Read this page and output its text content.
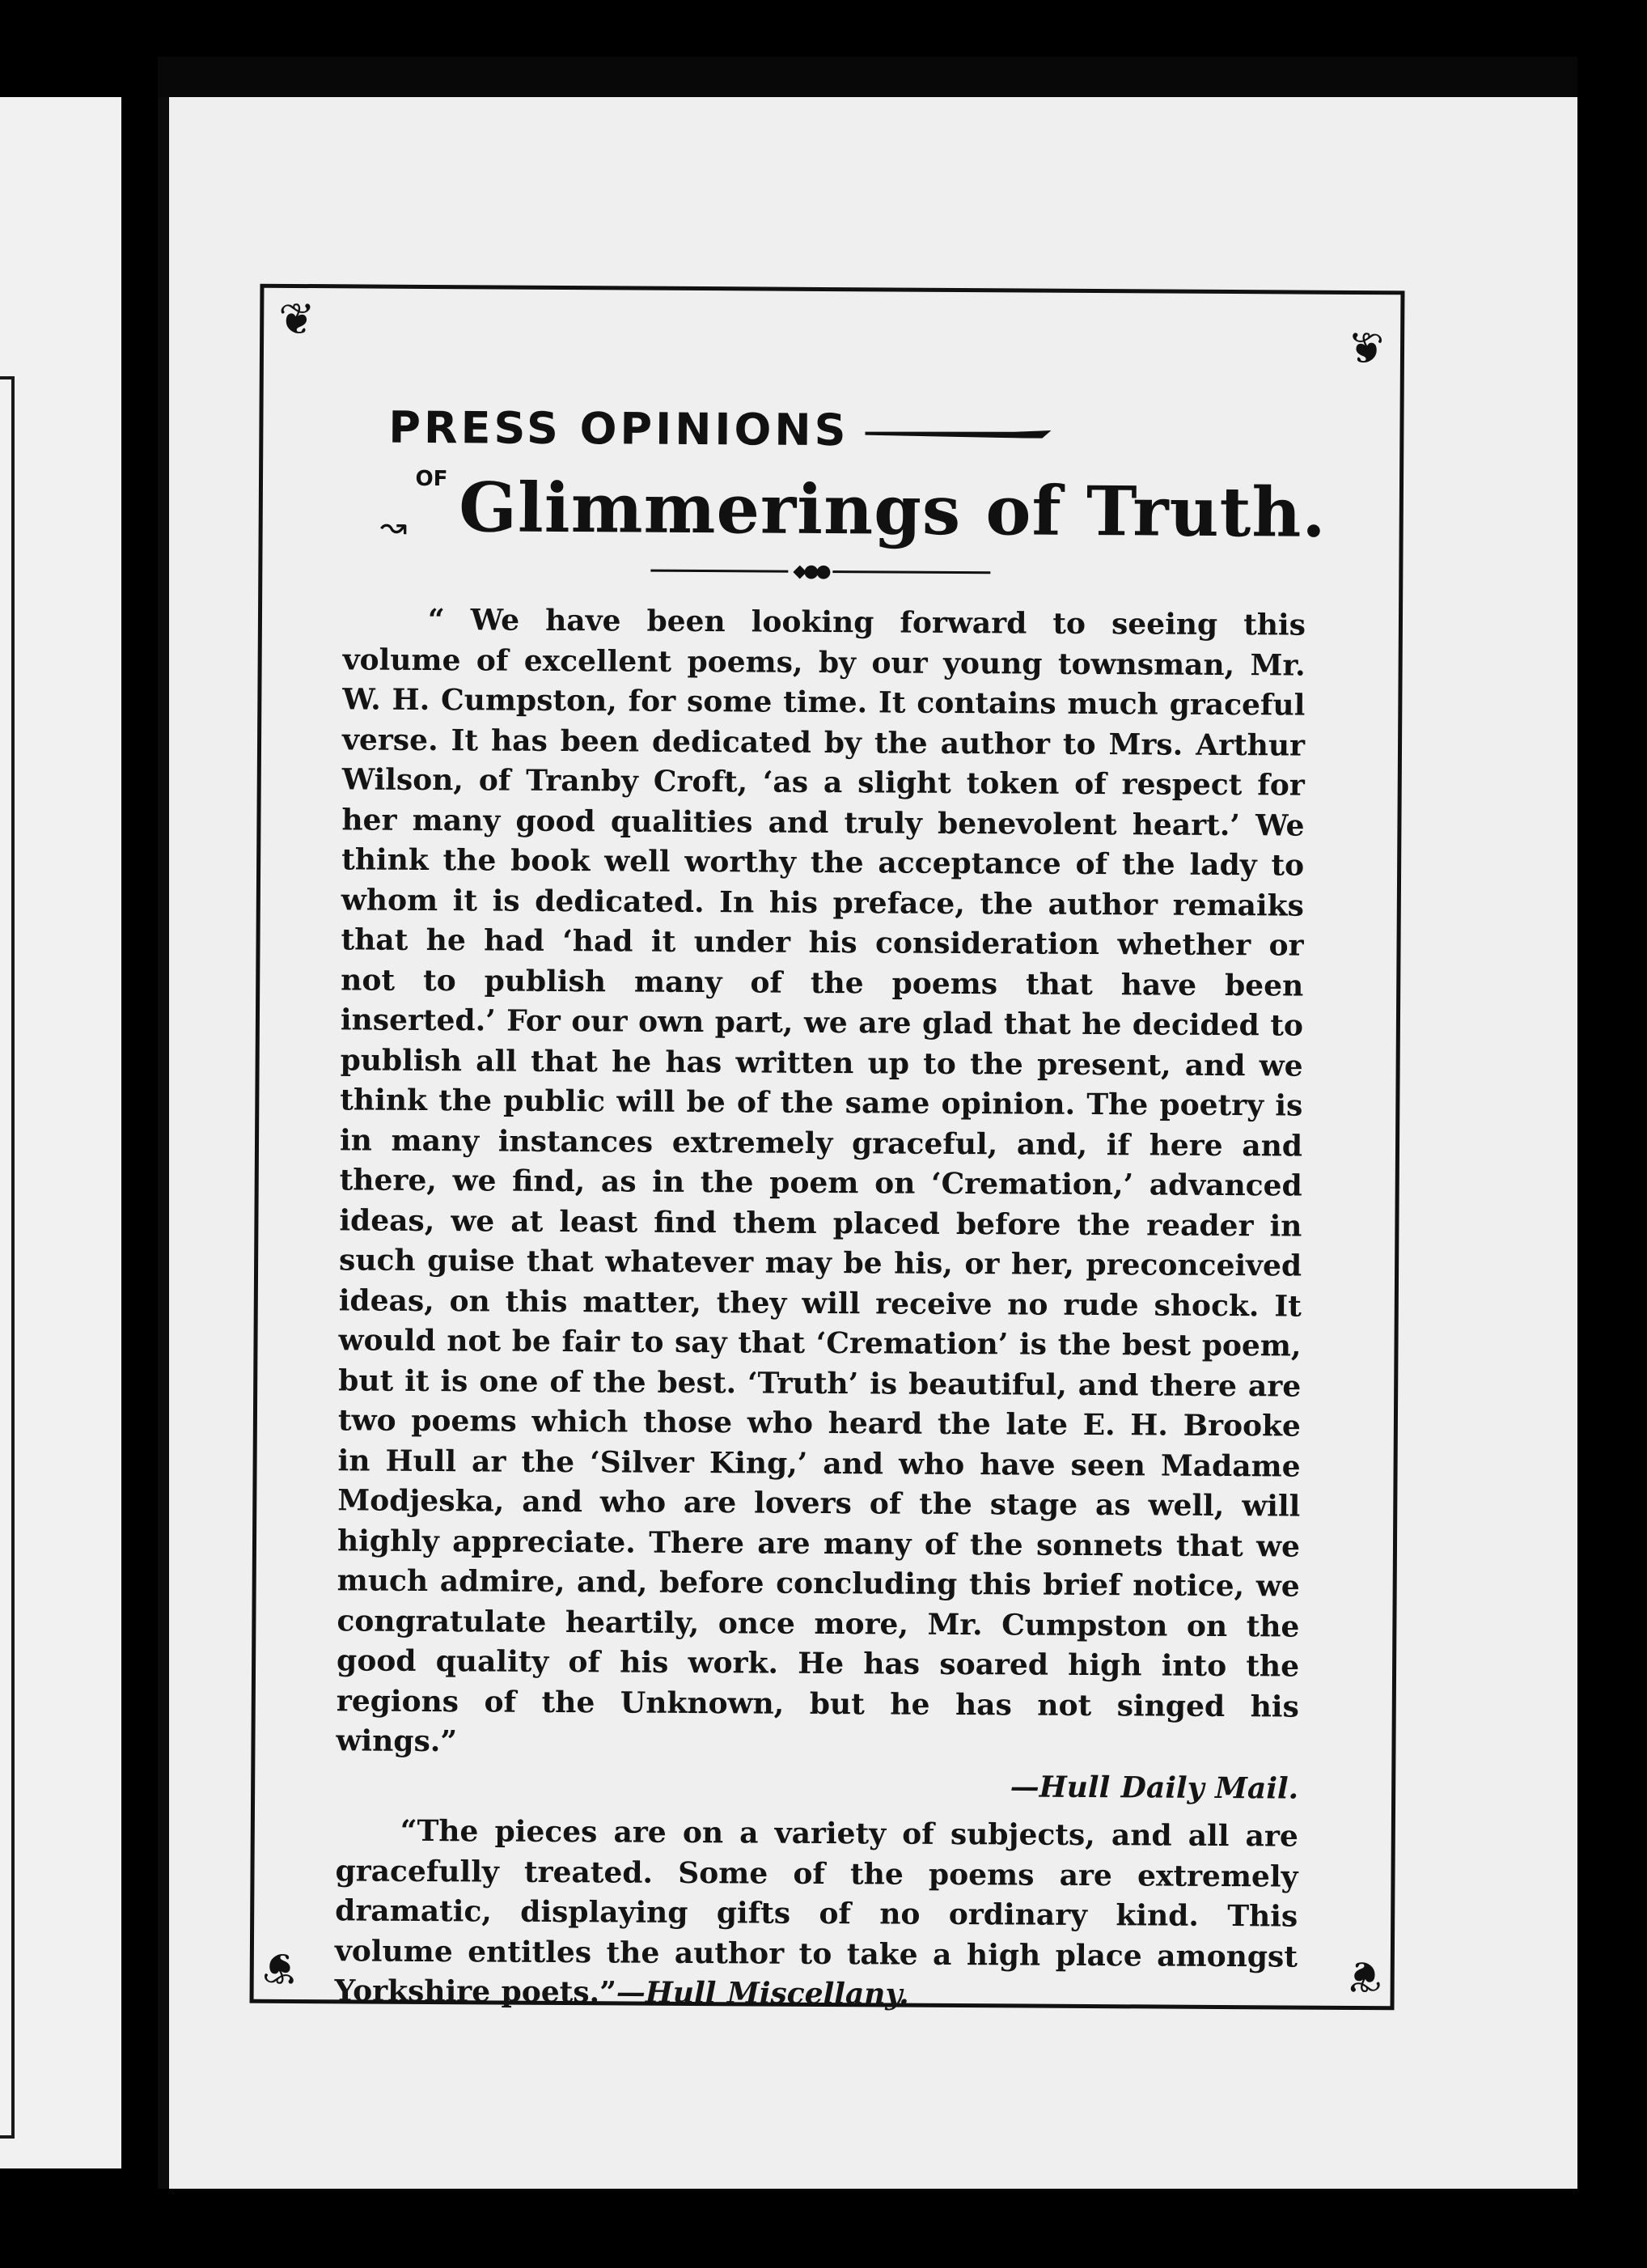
❦
❦
❦	❦
PRESS OPINIONS
↝OF Glimmerings of Truth.
◆●●

“ We have been looking forward to seeing this volume of excellent poems, by our young townsman, Mr. W. H. Cumpston, for some time. It contains much graceful verse. It has been dedicated by the author to Mrs. Arthur Wilson, of Tranby Croft, ‘as a slight token of respect for her many good qualities and truly benevolent heart.’ We think the book well worthy the acceptance of the lady to whom it is dedicated. In his preface, the author remaiks that he had ‘had it under his consideration whether or not to publish many of the poems that have been inserted.’ For our own part, we are glad that he decided to publish all that he has written up to the present, and we think the public will be of the same opinion. The poetry is in many instances extremely graceful, and, if here and there, we find, as in the poem on ‘Cremation,’ advanced ideas, we at least find them placed before the reader in such guise that whatever may be his, or her, preconceived ideas, on this matter, they will receive no rude shock. It would not be fair to say that ‘Cremation’ is the best poem, but it is one of the best. ‘Truth’ is beautiful, and there are two poems which those who heard the late E. H. Brooke in Hull ar the ‘Silver King,’ and who have seen Madame Modjeska, and who are lovers of the stage as well, will highly appreciate. There are many of the sonnets that we much admire, and, before concluding this brief notice, we congratulate heartily, once more, Mr. Cumpston on the good quality of his work. He has soared high into the regions of the Unknown, but he has not singed his wings.”

—Hull Daily Mail.

“The pieces are on a variety of subjects, and all are gracefully treated. Some of the poems are extremely dramatic, displaying gifts of no ordinary kind. This volume entitles the author to take a high place amongst Yorkshire poets.”—Hull Miscellany.
